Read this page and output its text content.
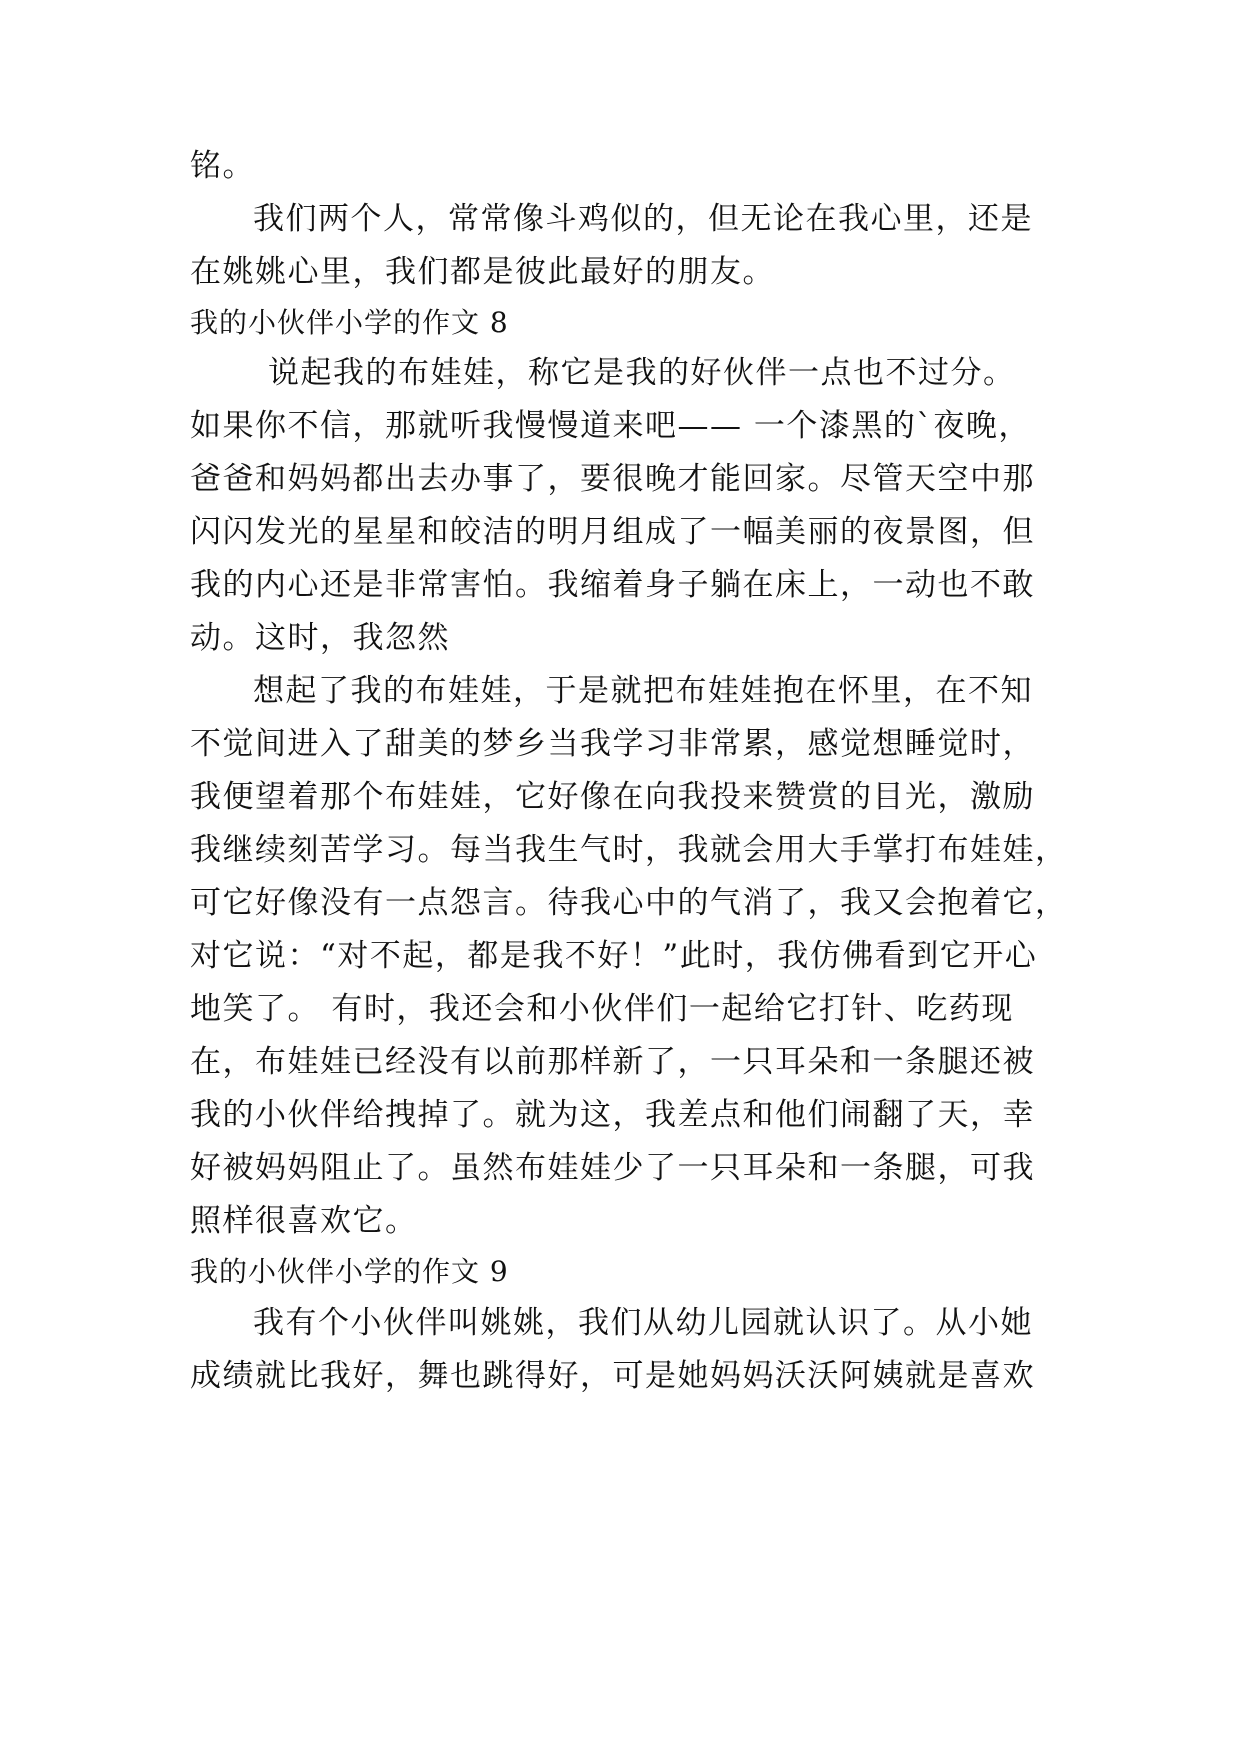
铭。
我们两个人，常常像斗鸡似的，但无论在我心里，还是
在姚姚心里，我们都是彼此最好的朋友。
我的小伙伴小学的作文 8
说起我的布娃娃，称它是我的好伙伴一点也不过分。
如果你不信，那就听我慢慢道来吧—— 一个漆黑的`夜晚，
爸爸和妈妈都出去办事了，要很晚才能回家。尽管天空中那
闪闪发光的星星和皎洁的明月组成了一幅美丽的夜景图，但
我的内心还是非常害怕。我缩着身子躺在床上，一动也不敢
动。这时，我忽然
想起了我的布娃娃，于是就把布娃娃抱在怀里，在不知
不觉间进入了甜美的梦乡当我学习非常累，感觉想睡觉时，
我便望着那个布娃娃，它好像在向我投来赞赏的目光，激励
我继续刻苦学习。每当我生气时，我就会用大手掌打布娃娃，
可它好像没有一点怨言。待我心中的气消了，我又会抱着它，
对它说：“对不起，都是我不好！”此时，我仿佛看到它开心
地笑了。 有时，我还会和小伙伴们一起给它打针、吃药现
在，布娃娃已经没有以前那样新了，一只耳朵和一条腿还被
我的小伙伴给拽掉了。就为这，我差点和他们闹翻了天，幸
好被妈妈阻止了。虽然布娃娃少了一只耳朵和一条腿，可我
照样很喜欢它。
我的小伙伴小学的作文 9
我有个小伙伴叫姚姚，我们从幼儿园就认识了。从小她
成绩就比我好，舞也跳得好，可是她妈妈沃沃阿姨就是喜欢
